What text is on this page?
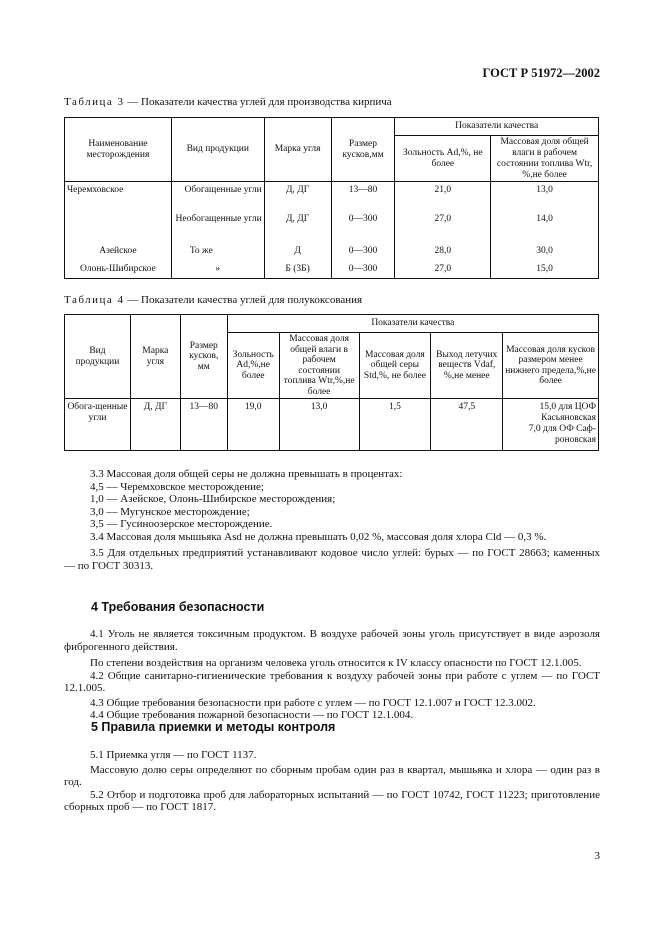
ГОСТ Р 51972—2002
Таблица 3 — Показатели качества углей для производства кирпича
Наименование месторождения	Вид продукции	Марка угля	Размер кусков,мм	Показатели качества	
				Зольность Ad,%, не более	Массовая доля общей влаги в рабочем состоянии топлива Wtr, %,не более
Черемховское	Обогащенные угли	Д, ДГ	13—80	21,0	13,0
	Необогащенные угли	Д, ДГ	0—300	27,0	14,0
Азейское	То же	Д	0—300	28,0	30,0
Олонь-Шибирское	»	Б (3Б)	0—300	27,0	15,0
Таблица 4 — Показатели качества углей для полукоксования
Вид продукции	Марка угля	Размер кусков, мм	Показатели качества				
			Зольность Ad,%,не более	Массовая доля общей влаги в рабочем состоянии топлива Wtr,%,не более	Массовая доля общей серы Std,%, не более	Выход летучих веществ Vdaf, %,не менее	Массовая доля кусков размером менее нижнего предела,%,не более
Обога-щенные угли	Д, ДГ	13—80	19,0	13,0	1,5	47,5	15,0 для ЦОФ Касьяновская
7,0 для ОФ Саф-роновская
3.3 Массовая доля общей серы не должна превышать в процентах:
4,5 — Черемховское месторождение;
1,0 — Азейское, Олонь-Шибирское месторождения;
3,0 — Мугунское месторождение;
3,5 — Гусиноозерское месторождение.
3.4 Массовая доля мышьяка Asd не должна превышать 0,02 %, массовая доля хлора Cld — 0,3 %.
3.5 Для отдельных предприятий устанавливают кодовое число углей: бурых — по ГОСТ 28663; каменных — по ГОСТ 30313.
4 Требования безопасности
4.1 Уголь не является токсичным продуктом. В воздухе рабочей зоны уголь присутствует в виде аэрозоля фиброгенного действия.
По степени воздействия на организм человека уголь относится к IV классу опасности по ГОСТ 12.1.005.
4.2 Общие санитарно-гигиенические требования к воздуху рабочей зоны при работе с углем — по ГОСТ 12.1.005.
4.3 Общие требования безопасности при работе с углем — по ГОСТ 12.1.007 и ГОСТ 12.3.002.
4.4 Общие требования пожарной безопасности — по ГОСТ 12.1.004.
5 Правила приемки и методы контроля
5.1 Приемка угля — по ГОСТ 1137.
Массовую долю серы определяют по сборным пробам один раз в квартал, мышьяка и хлора — один раз в год.
5.2 Отбор и подготовка проб для лабораторных испытаний — по ГОСТ 10742, ГОСТ 11223; приготовление сборных проб — по ГОСТ 1817.
3
